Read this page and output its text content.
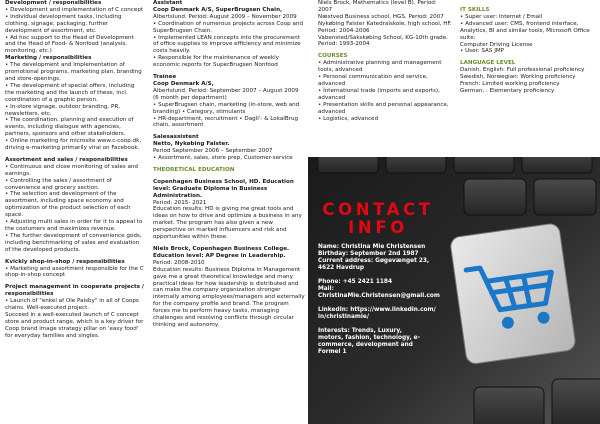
Development / responsibilities
• Development and implementation of C concept
• Individual development tasks, including clothing, signage, packaging, further development of assortment, etc.
• Ad hoc support to the Head of Development and the Head of Food- & Nonfood (analysis, monitoring, etc.)
Marketing / responsibilities
• The development and implementation of promotional programs, marketing plan, branding and store-openings.
• The development of special offers, including the marketing and the launch of these, incl. coordination of a graphic person.
• In-store signage, outdoor branding, PR, newsletters, etc.
• The coordination, planning and execution of events, including dialogue with agencies, partners, sponsors and other stakeholders.
• Online marketing for microsite www.c-coop.dk, driving e-marketing primarily viral on Facebook.
Assortment and sales / responsibilities
• Continuous and close monitoring of sales and earnings.
• Controlling the sales / assortment of convenience and grocery section.
• The selection and development of the assortment, including space economy and optimization of the product selection of each space.
• Adjusting multi sales in order for it to appeal to the costumers and maximizes revenue.
• The further development of convenience gods, including benchmarking of sales and evaluation of the developed products.
Kvickly shop-in-shop / responsibilities
• Marketing and assortment responsible for the C shop-in-shop concept
Project management in cooperate projects / responsibilities
• Launch of "enkel af Ole Palsby" in all of Coops chains. Well-executed project.
Succeed in a well-executed launch of C concept store and product range, which is a key driver for Coop brand image strategy pillar on 'easy food' for everyday families and singles.
Assistant
Coop Denmark A/S, SuperBrugsen Chain,
Albertslund. Period: August 2009 – November 2009
• Coordination of numerous projects across Coop and SuperBrugsen Chain.
• Implemented LEAN concepts into the procurement of office supplies to improve efficiency and minimize costs heavily.
• Responsible for the maintenance of weekly economic reports for SuperBrugsen Nonfood
Trainee
Coop Denmark A/S,
Albertslund. Period: September 2007 – August 2009 (6 month per department)
• SuperBrugsen chain, marketing (in-store, web and branding) • Category, stimulants
• HR-department, recruitment • Dagli'- & LokalBrug chain, assortment
Salesassistent
Netto, Nykøbing Falster.
Period September 2006 – September 2007
• Assortment, sales, store prep, Customer-service
THEORETICAL EDUCATION
Copenhagen Business School, HD. Education level: Graduate Diploma in Business Administration.
Period: 2015- 2021
Education results: HD is giving me great tools and ideas on how to drive and optimize a business in any market. The program has also given a new perspective on marked influencers and risk and opportunities within these.
Niels Brock, Copenhagen Business College. Education level: AP Degree in Leadership.
Period: 2008-2010
Education results: Business Diploma in Management gave me a great theoretical knowledge and many practical ideas for how leadership is distributed and can make the company organization stronger internally among employees/managers and externally for the company profile and brand. The program forces me to perform heavy tasks, managing challenges and resolving conflicts through circular thinking and autonomy.
Niels Brock, Mathematics (level B). Period: 2007
Næstved Business school, HGS. Period: 2007
Nykøbing Falster Katedralskole, high school, HF. Period: 2004-2006
Vabensted/Sakskøbing School, KG-10th grade. Period: 1993-2004
COURSES
• Administrative planning and management tools, advanced
• Personal communication and service, advanced
• International trade (imports and exports), advanced
• Presentation skills and personal appearance, advanced
• Logistics, advanced
IT SKILLS
• Super user: Internet / Email
• Advanced user: CMS, frontend interface, Analytics, BI and similar tools, Microsoft Office suite:
Computer Driving License
• User: SAS JMP
LANGUAGE LEVEL
Danish, English: Full professional proficiency
Swedish, Norwegian: Working proficiency
French: Limited working proficiency
German, : Elementary proficiency
CONTACT
INFO
Name: Christina Mie Christensen
Birthday: September 2nd 1987
Current address: Gøgevænget 23,
4622 Havdrup
Phone: +45 2421 1184
Mail:
ChristinaMie.Christensen@gmail.com
LinkedIn: https://www.linkedin.com/
in/christinamie/
Interests: Trends, Luxury, motors, fashion, technology, e-commerce, development and Formel 1
